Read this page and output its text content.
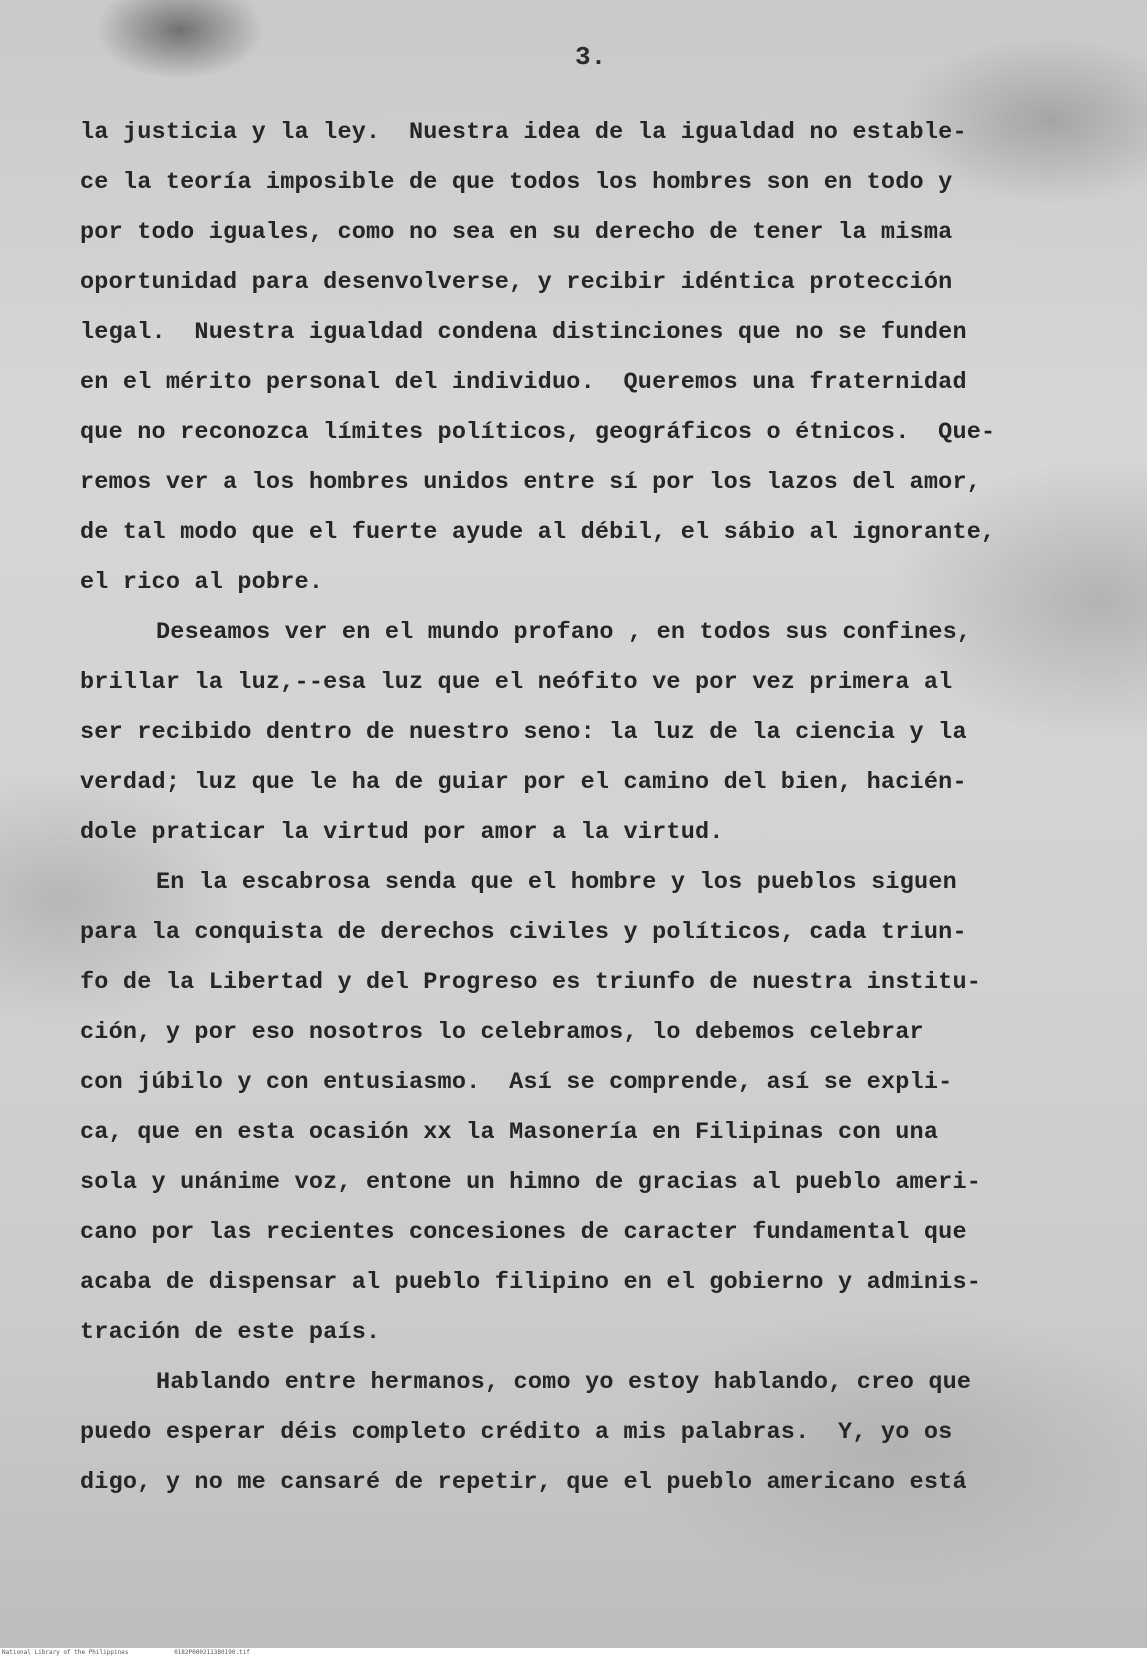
3.
la justicia y la ley.  Nuestra idea de la igualdad no estable-
ce la teoría imposible de que todos los hombres son en todo y
por todo iguales, como no sea en su derecho de tener la misma
oportunidad para desenvolverse, y recibir idéntica protección
legal.  Nuestra igualdad condena distinciones que no se funden
en el mérito personal del individuo.  Queremos una fraternidad
que no reconozca límites políticos, geográficos o étnicos.  Que-
remos ver a los hombres unidos entre sí por los lazos del amor,
de tal modo que el fuerte ayude al débil, el sábio al ignorante,
el rico al pobre.
Deseamos ver en el mundo profano , en todos sus confines,
brillar la luz,--esa luz que el neófito ve por vez primera al
ser recibido dentro de nuestro seno: la luz de la ciencia y la
verdad; luz que le ha de guiar por el camino del bien, hacién-
dole praticar la virtud por amor a la virtud.
En la escabrosa senda que el hombre y los pueblos siguen
para la conquista de derechos civiles y políticos, cada triun-
fo de la Libertad y del Progreso es triunfo de nuestra institu-
ción, y por eso nosotros lo celebramos, lo debemos celebrar
con júbilo y con entusiasmo.  Así se comprende, así se expli-
ca, que en esta ocasión xx la Masonería en Filipinas con una
sola y unánime voz, entone un himno de gracias al pueblo ameri-
cano por las recientes concesiones de caracter fundamental que
acaba de dispensar al pueblo filipino en el gobierno y adminis-
tración de este país.
Hablando entre hermanos, como yo estoy hablando, creo que
puedo esperar déis completo crédito a mis palabras.  Y, yo os
digo, y no me cansaré de repetir, que el pueblo americano está
National Library of the Philippines	0182P000211380190.tif
